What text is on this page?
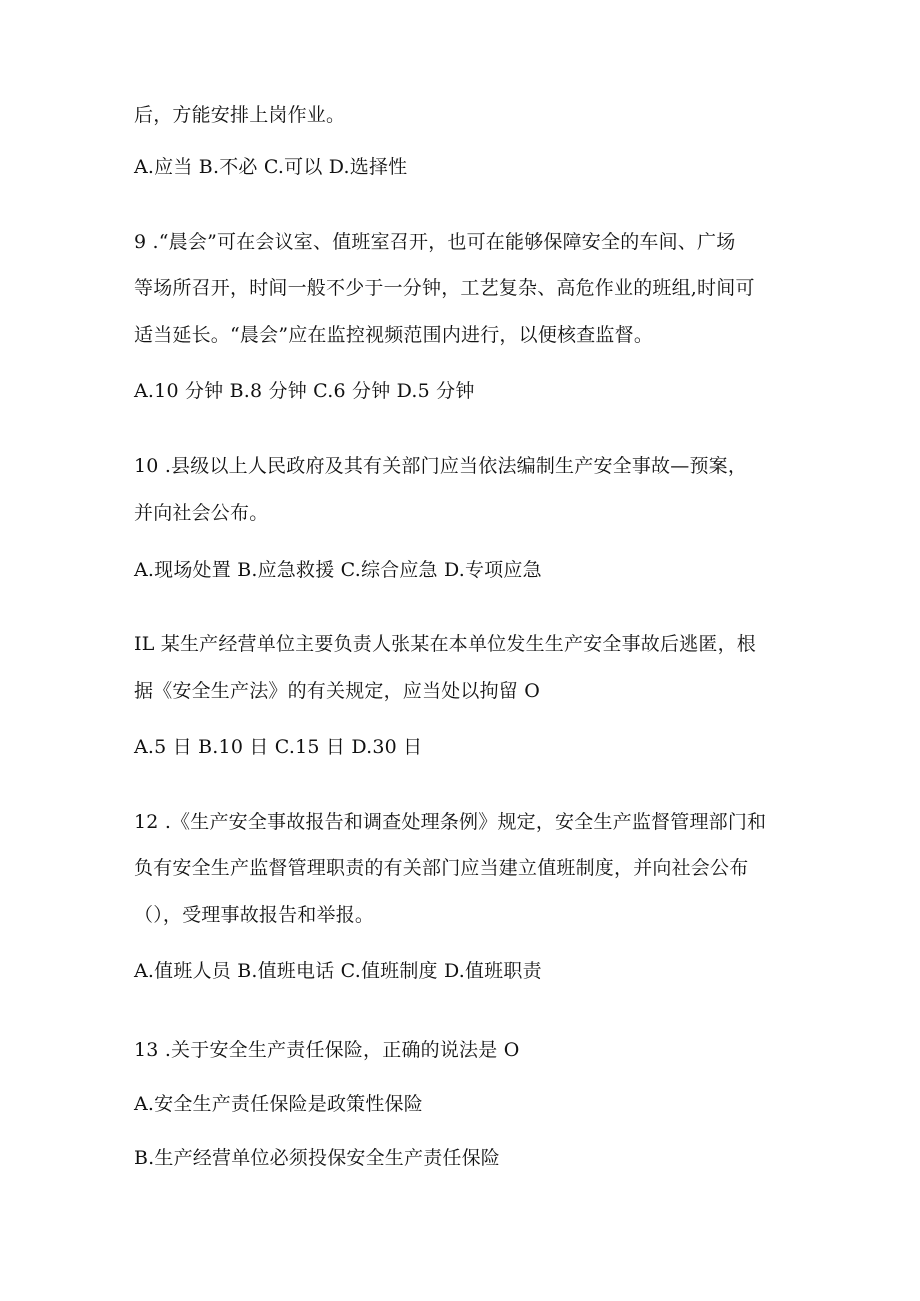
后，方能安排上岗作业。
A.应当 B.不必 C.可以 D.选择性
9 .“晨会”可在会议室、值班室召开，也可在能够保障安全的车间、广场
等场所召开，时间一般不少于一分钟，工艺复杂、高危作业的班组,时间可
适当延长。“晨会”应在监控视频范围内进行，以便核查监督。
A.10 分钟 B.8 分钟 C.6 分钟 D.5 分钟
10 .县级以上人民政府及其有关部门应当依法编制生产安全事故—预案，
并向社会公布。
A.现场处置 B.应急救援 C.综合应急 D.专项应急
IL 某生产经营单位主要负责人张某在本单位发生生产安全事故后逃匿，根
据《安全生产法》的有关规定，应当处以拘留 O
A.5 日 B.10 日 C.15 日 D.30 日
12 .《生产安全事故报告和调查处理条例》规定，安全生产监督管理部门和
负有安全生产监督管理职责的有关部门应当建立值班制度，并向社会公布
（），受理事故报告和举报。
A.值班人员 B.值班电话 C.值班制度 D.值班职责
13 .关于安全生产责任保险，正确的说法是 O
A.安全生产责任保险是政策性保险
B.生产经营单位必须投保安全生产责任保险
